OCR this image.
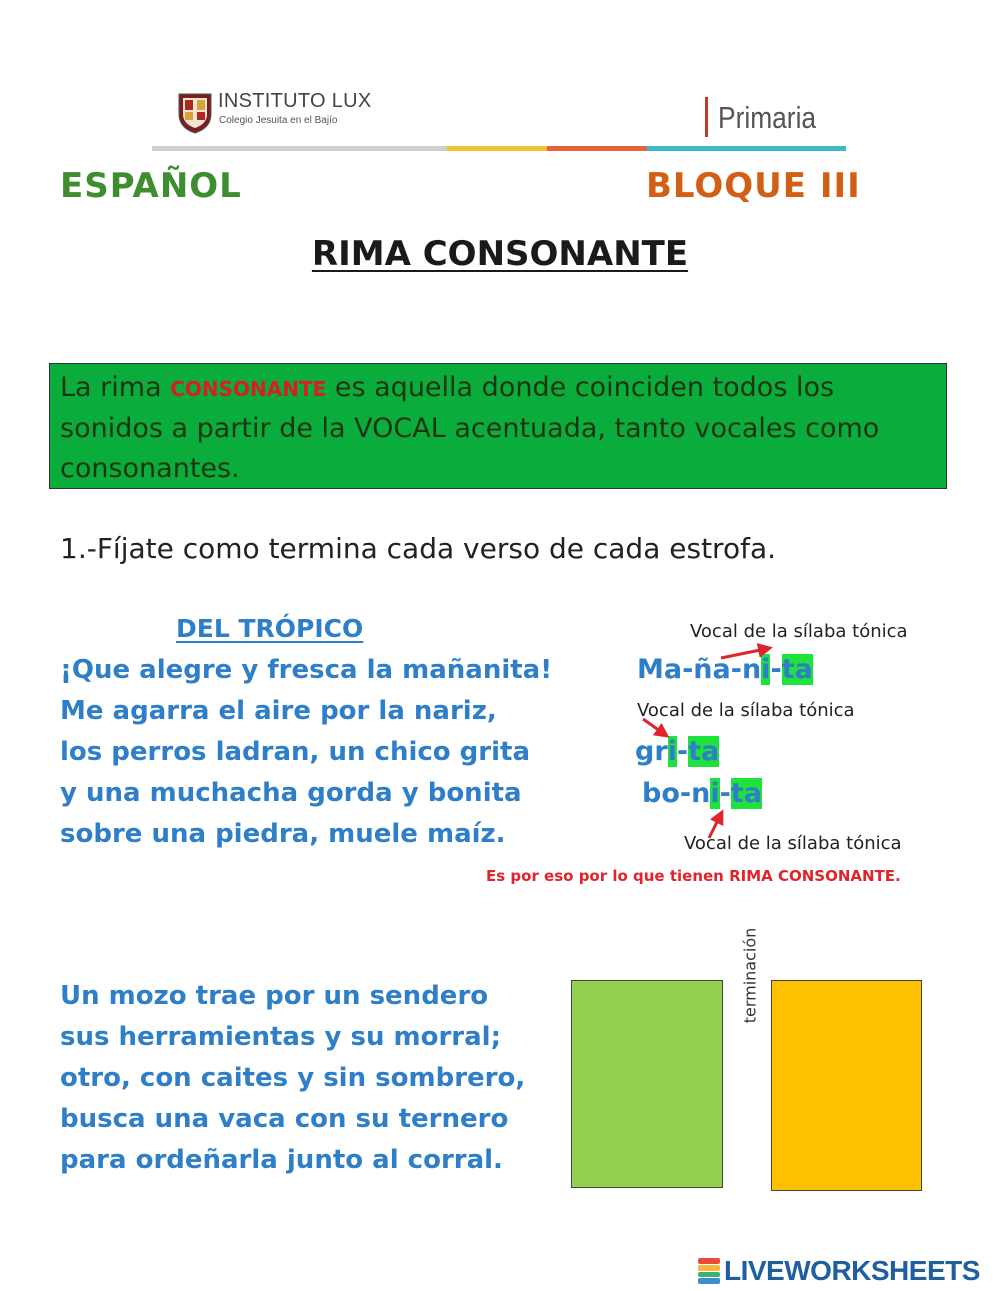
INSTITUTO LUX
Colegio Jesuita en el Bajío	Primaria
ESPAÑOL	BLOQUE III
RIMA CONSONANTE
La rima CONSONANTE es aquella donde coinciden todos los sonidos a partir de la VOCAL acentuada, tanto vocales como consonantes.
1.-Fíjate como termina cada verso de cada estrofa.
DEL TRÓPICO
¡Que alegre y fresca la mañanita!
Me agarra el aire por la nariz,
los perros ladran, un chico grita
y una muchacha gorda y bonita
sobre una piedra, muele maíz.
Ma-ña-ni-ta
gri-ta
bo-ni-ta
Vocal de la sílaba tónica
Vocal de la sílaba tónica
Vocal de la sílaba tónica
Es por eso por lo que tienen RIMA CONSONANTE.
Un mozo trae por un sendero
sus herramientas y su morral;
otro, con caites y sin sombrero,
busca una vaca con su ternero
para ordeñarla junto al corral.
terminación
LIVEWORKSHEETS
